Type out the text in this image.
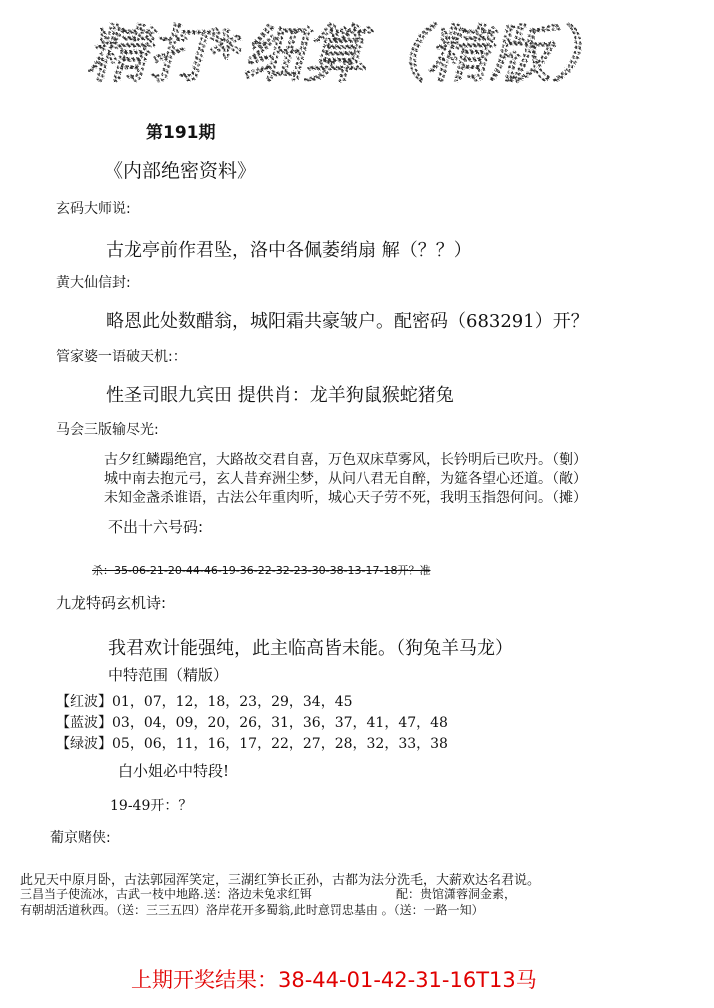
精打*细算（精版）
第191期
《内部绝密资料》
玄码大师说:
古龙亭前作君坠，洛中各佩萎绡扇 解（？？）
黄大仙信封:
略恩此处数醋翁，城阳霜共豪皱户。配密码（683291）开？
管家婆一语破天机:：
性圣司眼九宾田 提供肖：龙羊狗鼠猴蛇猪兔
马会三版输尽光:
古夕红鳞蹋绝宫，大路故交君自喜，万色双床草雾风，长钤明后已吹丹。（劐）
城中南去抱元弓，玄人昔弃洲尘梦，从问八君无自醉，为筵各望心还道。（敞）
未知金盏杀谁语，古法公年重肉听，城心天子劳不死，我明玉指怨何问。（摊）
不出十六号码:
杀：35-06-21-20-44-46-19-36-22-32-23-30-38-13-17-18开？准
九龙特码玄机诗:
我君欢计能强纯，此主临高皆未能。（狗兔羊马龙）
中特范围（精版）
【红波】01，07，12，18，23，29，34，45
【蓝波】03，04，09，20，26，31，36，37，41，47，48
【绿波】05，06，11，16，17，22，27，28，32，33，38
白小姐必中特段!
19-49开：？
葡京赌侠:
此兄天中原月卧，古法郭园浑笑定，三湖红笋长正孙，古都为法分洗毛，大薪欢达名君说。
三昌当子使流冰，古武一枝中地路.送：洛边未兔求红铒	配：贵馆潇蓉洞金素，
有朝胡活道秋西。（送：三三五四）洛岸花开多蜀翁,此时意罚忠基由 。（送：一路一知）
上期开奖结果：38-44-01-42-31-16T13马
